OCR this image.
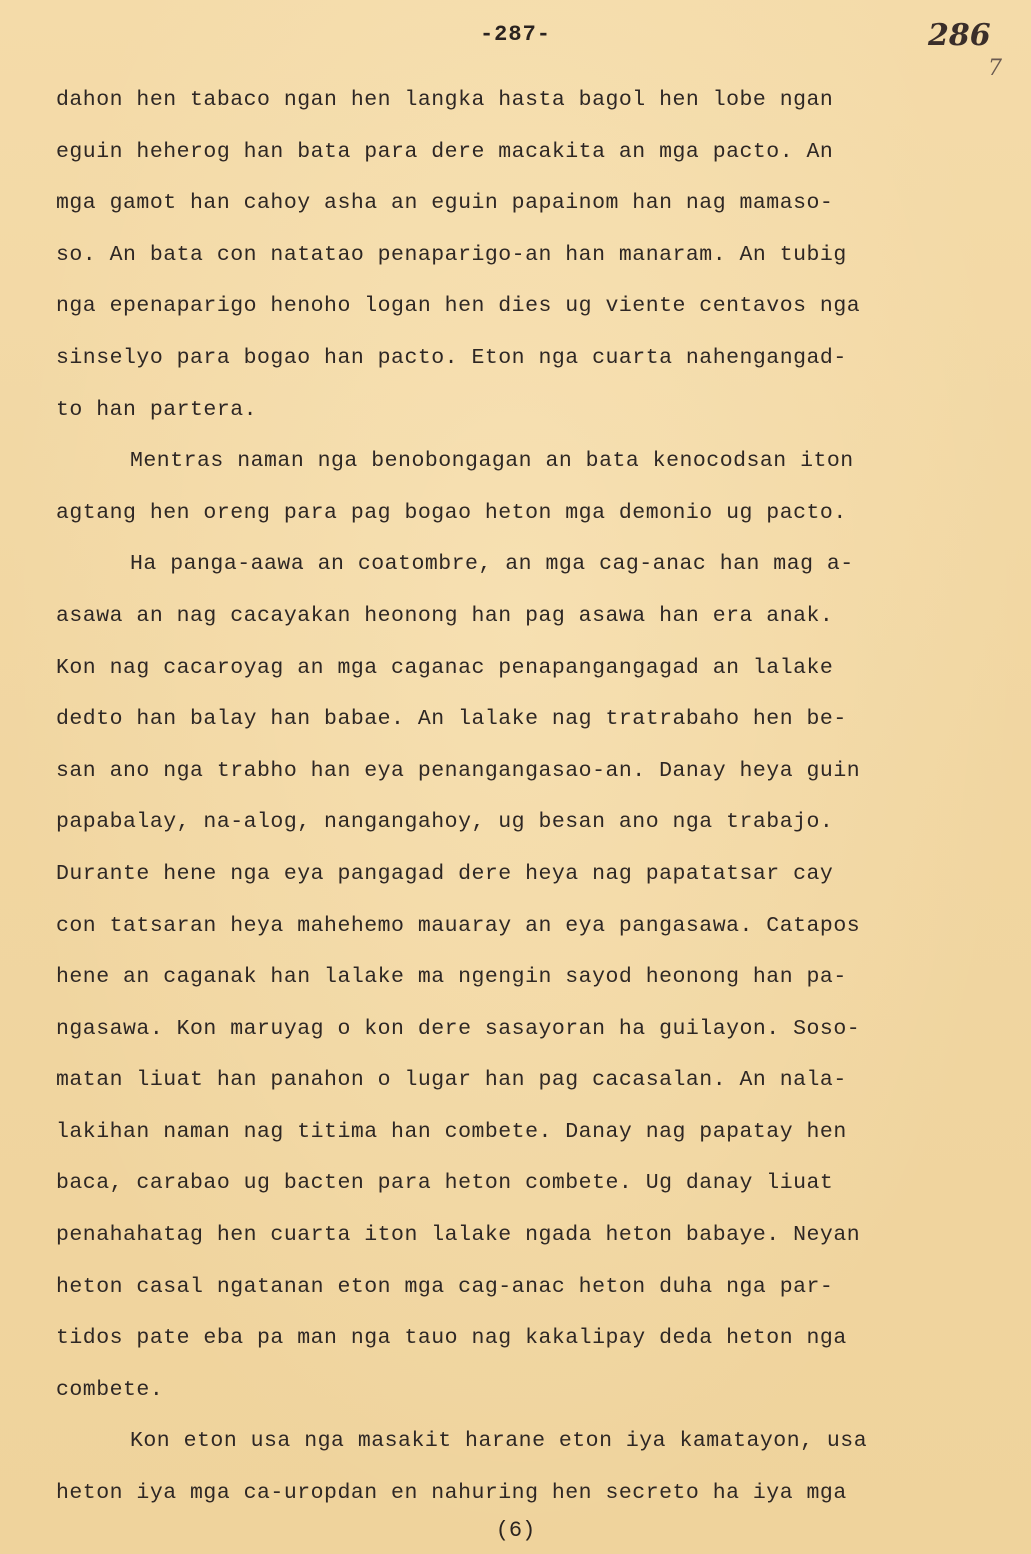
-287-	286
7
dahon hen tabaco ngan hen langka hasta bagol hen lobe ngan
eguin heherog han bata para dere macakita an mga pacto. An
mga gamot han cahoy asha an eguin papainom han nag mamaso-
so. An bata con natatao penaparigo-an han manaram. An tubig
nga epenaparigo henoho logan hen dies ug viente centavos nga
sinselyo para bogao han pacto. Eton nga cuarta nahengangad-
to han partera.
Mentras naman nga benobongagan an bata kenocodsan iton
agtang hen oreng para pag bogao heton mga demonio ug pacto.
Ha panga-aawa an coatombre, an mga cag-anac han mag a-
asawa an nag cacayakan heonong han pag asawa han era anak.
Kon nag cacaroyag an mga caganac penapangangagad an lalake
dedto han balay han babae. An lalake nag tratrabaho hen be-
san ano nga trabho han eya penangangasao-an. Danay heya guin
papabalay, na-alog, nangangahoy, ug besan ano nga trabajo.
Durante hene nga eya pangagad dere heya nag papatatsar cay
con tatsaran heya mahehemo mauaray an eya pangasawa. Catapos
hene an caganak han lalake ma ngengin sayod heonong han pa-
ngasawa. Kon maruyag o kon dere sasayoran ha guilayon. Soso-
matan liuat han panahon o lugar han pag cacasalan. An nala-
lakihan naman nag titima han combete. Danay nag papatay hen
baca, carabao ug bacten para heton combete. Ug danay liuat
penahahatag hen cuarta iton lalake ngada heton babaye. Neyan
heton casal ngatanan eton mga cag-anac heton duha nga par-
tidos pate eba pa man nga tauo nag kakalipay deda heton nga
combete.
Kon eton usa nga masakit harane eton iya kamatayon, usa
heton iya mga ca-uropdan en nahuring hen secreto ha iya mga
(6)
